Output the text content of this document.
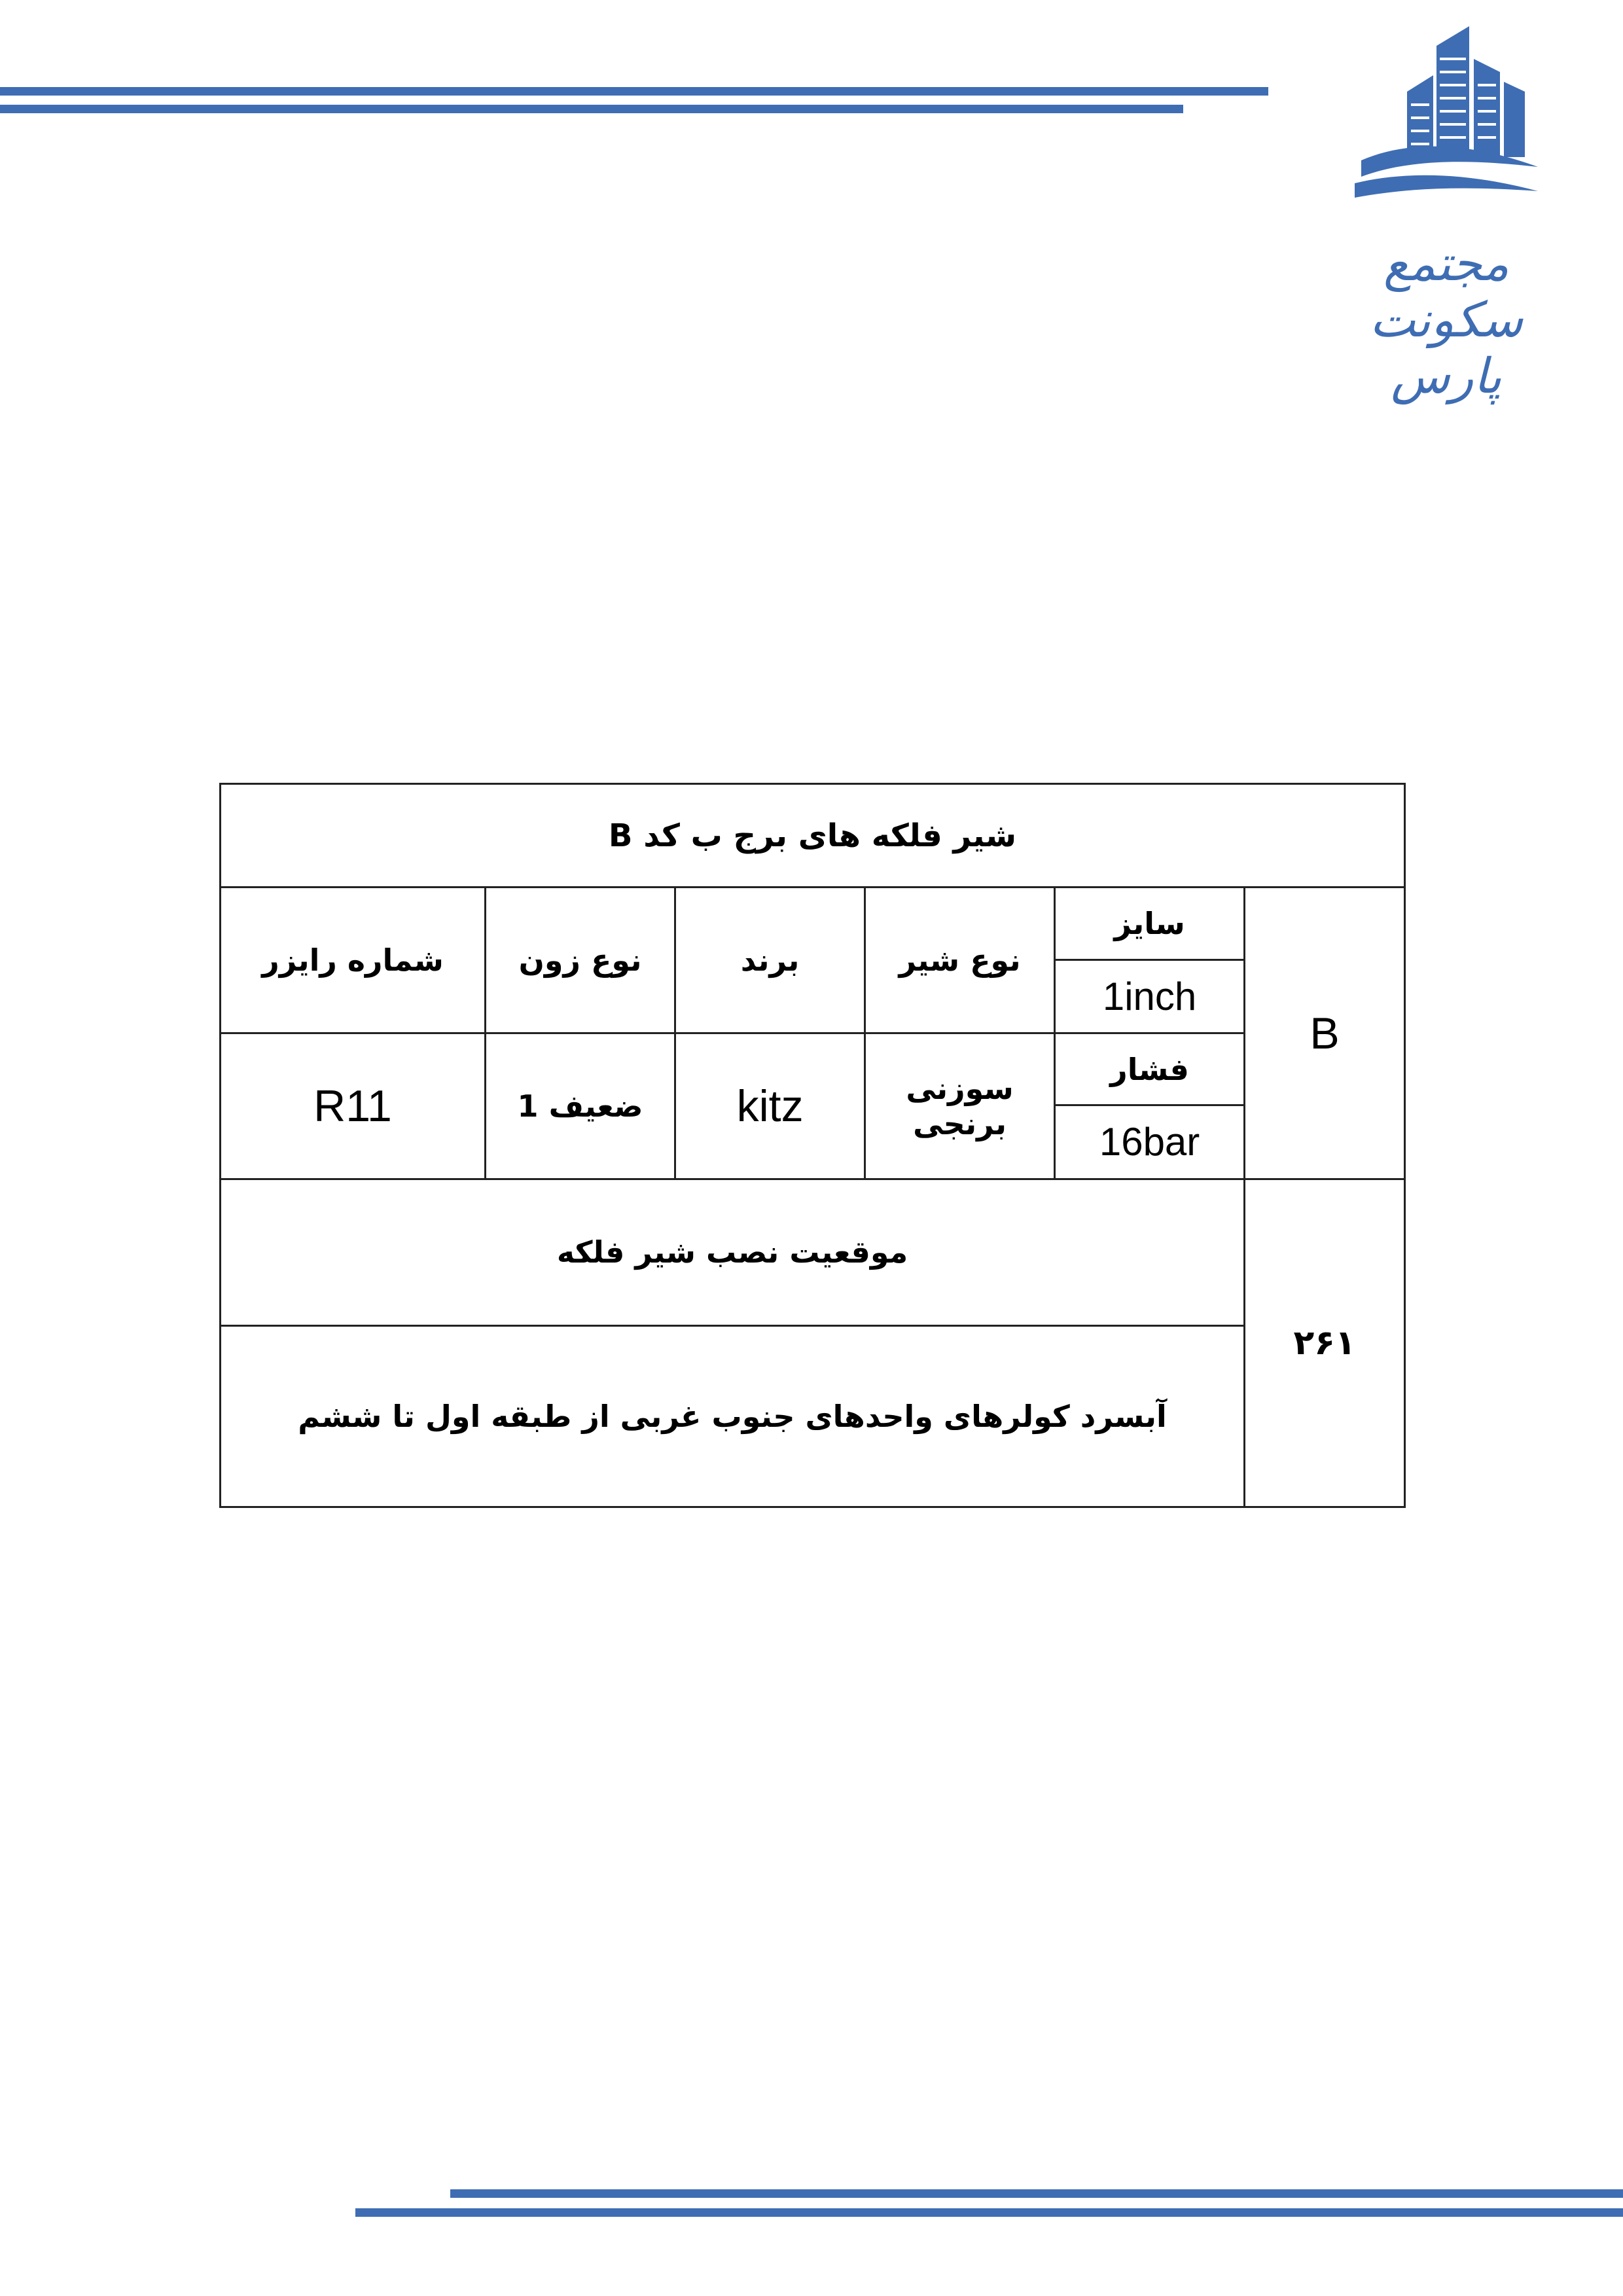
مجتمع سکونت پارس
شیر فلکه های برج ب کد B					
B	سایز	نوع شیر	برند	نوع زون	شماره رایزر
	1inch				
	فشار	سوزنی برنجی	kitz	ضعیف 1	R11
	16bar				
۲۶۱	موقعیت نصب شیر فلکه				
	آبسرد کولرهای واحدهای جنوب غربی از طبقه اول تا ششم				
